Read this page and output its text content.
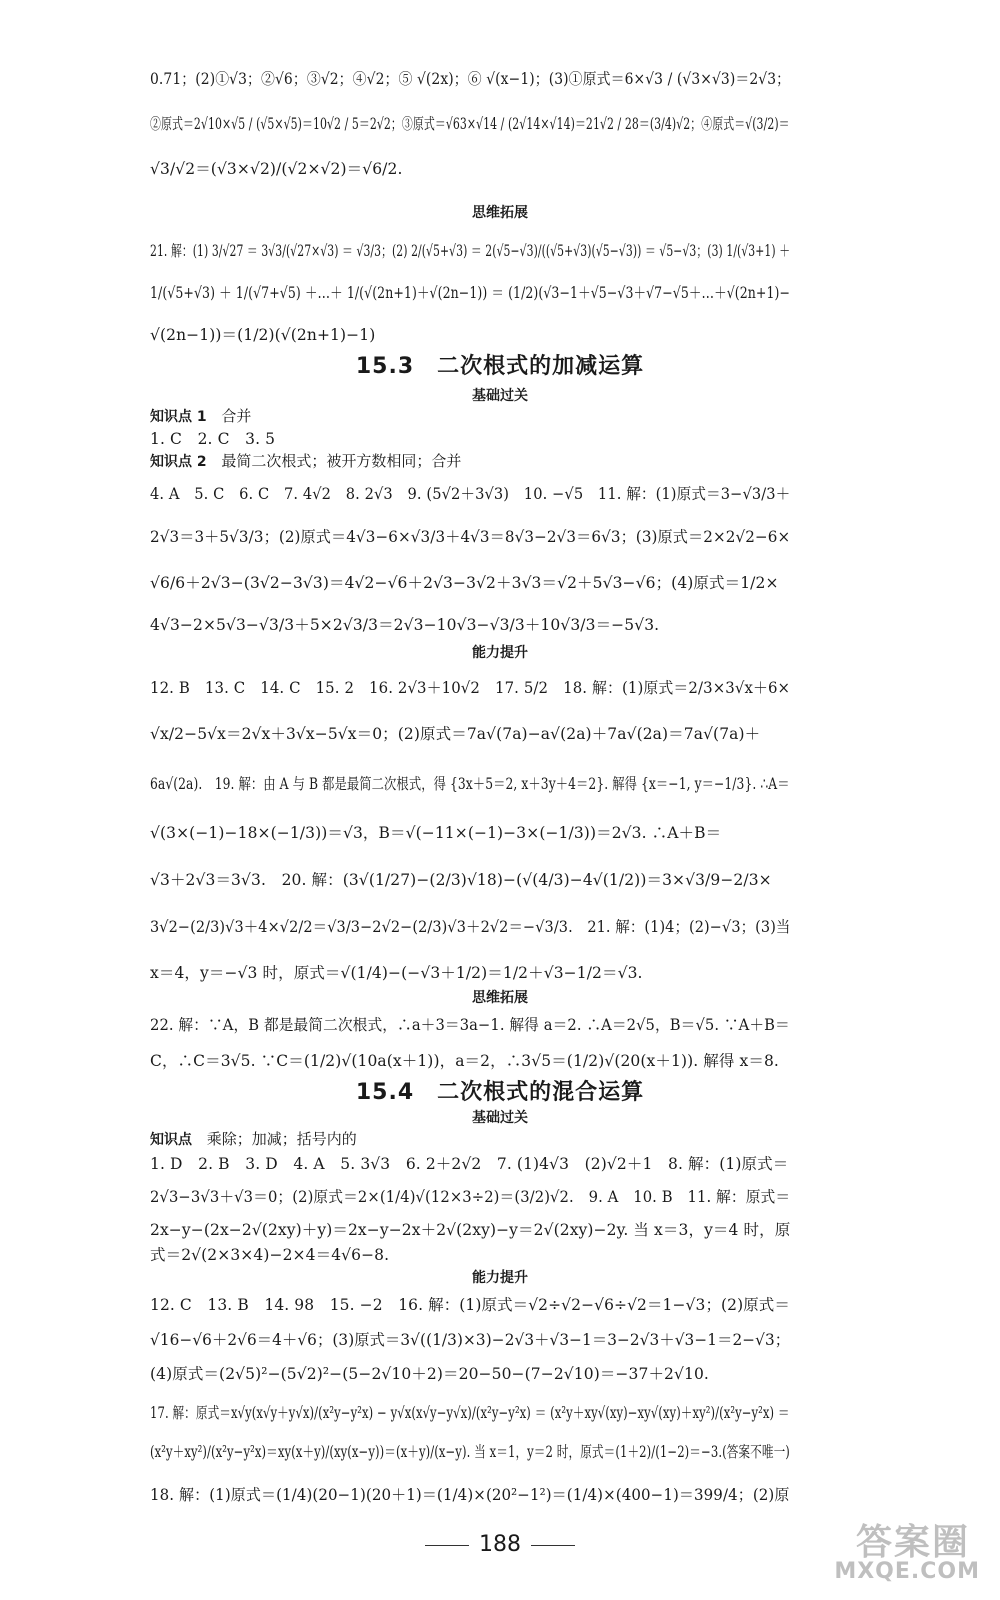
0.71；(2)①√3；②√6；③√2；④√2；⑤ √(2x)；⑥ √(x−1)；(3)①原式＝6×√3 / (√3×√3)＝2√3；
②原式＝2√10×√5 / (√5×√5)＝10√2 / 5＝2√2；③原式＝√63×√14 / (2√14×√14)＝21√2 / 28＝(3/4)√2；④原式＝√(3/2)＝
√3/√2＝(√3×√2)/(√2×√2)＝√6/2.
思维拓展
21. 解：(1) 3/√27 ＝ 3√3/(√27×√3) ＝ √3/3；(2) 2/(√5+√3) ＝ 2(√5−√3)/((√5+√3)(√5−√3)) ＝ √5−√3；(3) 1/(√3+1) ＋
1/(√5+√3) ＋ 1/(√7+√5) ＋…＋ 1/(√(2n+1)＋√(2n−1)) ＝ (1/2)(√3−1＋√5−√3＋√7−√5＋…＋√(2n+1)−
√(2n−1))＝(1/2)(√(2n+1)−1)
15.3　二次根式的加减运算
基础过关
知识点 1 合并
1. C　2. C　3. 5
知识点 2 最简二次根式；被开方数相同；合并
4. A　5. C　6. C　7. 4√2　8. 2√3　9. (5√2＋3√3)　10. −√5　11. 解：(1)原式＝3−√3/3＋
2√3＝3＋5√3/3；(2)原式＝4√3−6×√3/3＋4√3＝8√3−2√3＝6√3；(3)原式＝2×2√2−6×
√6/6＋2√3−(3√2−3√3)＝4√2−√6＋2√3−3√2＋3√3＝√2＋5√3−√6；(4)原式＝1/2×
4√3−2×5√3−√3/3＋5×2√3/3＝2√3−10√3−√3/3＋10√3/3＝−5√3.
能力提升
12. B　13. C　14. C　15. 2　16. 2√3＋10√2　17. 5/2　18. 解：(1)原式＝2/3×3√x＋6×
√x/2−5√x＝2√x＋3√x−5√x＝0；(2)原式＝7a√(7a)−a√(2a)＋7a√(2a)＝7a√(7a)＋
6a√(2a).　19. 解：由 A 与 B 都是最简二次根式，得 {3x＋5＝2, x＋3y＋4＝2}. 解得 {x＝−1, y＝−1/3}. ∴A＝
√(3×(−1)−18×(−1/3))＝√3，B＝√(−11×(−1)−3×(−1/3))＝2√3. ∴A＋B＝
√3＋2√3＝3√3.　20. 解：(3√(1/27)−(2/3)√18)−(√(4/3)−4√(1/2))＝3×√3/9−2/3×
3√2−(2/3)√3＋4×√2/2＝√3/3−2√2−(2/3)√3＋2√2＝−√3/3.　21. 解：(1)4；(2)−√3；(3)当
x＝4，y＝−√3 时，原式＝√(1/4)−(−√3＋1/2)＝1/2＋√3−1/2＝√3.
思维拓展
22. 解：∵A，B 都是最简二次根式，∴a＋3＝3a−1. 解得 a＝2. ∴A＝2√5，B＝√5. ∵A＋B＝
C，∴C＝3√5. ∵C＝(1/2)√(10a(x＋1))，a＝2，∴3√5＝(1/2)√(20(x＋1)). 解得 x＝8.
15.4　二次根式的混合运算
基础过关
知识点 乘除；加减；括号内的
1. D　2. B　3. D　4. A　5. 3√3　6. 2＋2√2　7. (1)4√3　(2)√2＋1　8. 解：(1)原式＝
2√3−3√3＋√3＝0；(2)原式＝2×(1/4)√(12×3÷2)＝(3/2)√2.　9. A　10. B　11. 解：原式＝
2x−y−(2x−2√(2xy)＋y)＝2x−y−2x＋2√(2xy)−y＝2√(2xy)−2y. 当 x＝3，y＝4 时，原
式＝2√(2×3×4)−2×4＝4√6−8.
能力提升
12. C　13. B　14. 98　15. −2　16. 解：(1)原式＝√2÷√2−√6÷√2＝1−√3；(2)原式＝
√16−√6＋2√6＝4＋√6；(3)原式＝3√((1/3)×3)−2√3＋√3−1＝3−2√3＋√3−1＝2−√3；
(4)原式＝(2√5)²−(5√2)²−(5−2√10＋2)＝20−50−(7−2√10)＝−37＋2√10.
17. 解：原式＝x√y(x√y＋y√x)/(x²y−y²x) − y√x(x√y−y√x)/(x²y−y²x) ＝ (x²y＋xy√(xy)−xy√(xy)＋xy²)/(x²y−y²x) ＝
(x²y＋xy²)/(x²y−y²x)＝xy(x＋y)/(xy(x−y))＝(x＋y)/(x−y). 当 x＝1，y＝2 时，原式＝(1＋2)/(1−2)＝−3.(答案不唯一)
18. 解：(1)原式＝(1/4)(20−1)(20＋1)＝(1/4)×(20²−1²)＝(1/4)×(400−1)＝399/4；(2)原
188	答案圈
MXQE.COM
